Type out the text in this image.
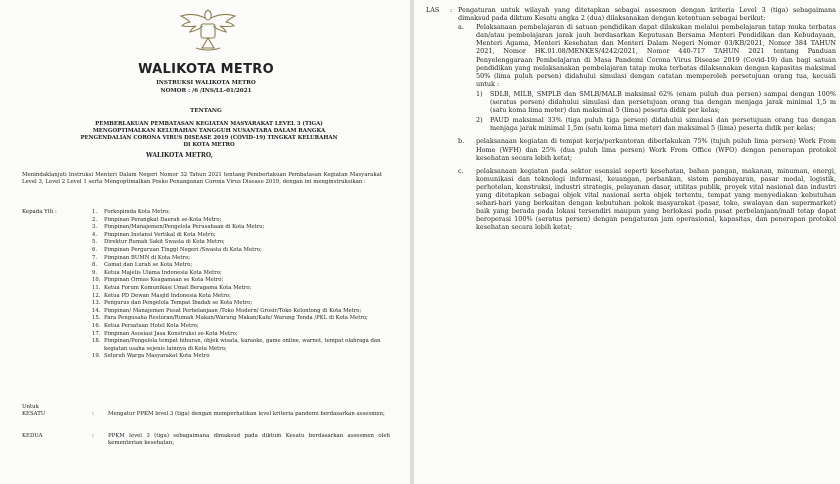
WALIKOTA METRO
INSTRUKSI WALIKOTA METRO
NOMOR : /6 /INS/LL-01/2021
TENTANG
PEMBERLAKUAN PEMBATASAN KEGIATAN MASYARAKAT LEVEL 3 (TIGA) MENGOPTIMALKAN KELURAHAN TANGGUH NUSANTARA DALAM RANGKA PENGENDALIAN CORONA VIRUS DISEASE 2019 (COVID-19) TINGKAT KELURAHAN DI KOTA METRO
WALIKOTA METRO,

Menindaklanjuti Instruksi Menteri Dalam Negeri Nomor 32 Tahun 2021 tentang Pemberlakuan Pembatasan Kegiatan Masyarakat Level 3, Level 2 Level 1 serta Mengoptimalkan Posko Penanganan Corona Virus Disease 2019, dengan ini menginstruksikan :

Kepada Yth :	1.	Forkopimda Kota Metro;
2.	Pimpinan Perangkat Daerah se-Kota Metro;
3.	Pimpinan/Manajemen/Pengelola Perusahaan di Kota Metro;
4.	Pimpinan Instansi Vertikal di Kota Metro;
5.	Direktur Rumah Sakit Swasta di Kota Metro;
6.	Pimpinan Perguruan Tinggi Negeri /Swasta di Kota Metro;
7.	Pimpinan BUMN di Kota Metro;
8.	Camat dan Lurah se Kota Metro;
9.	Ketua Majelis Ulama Indonesia Kota Metro;
10. Pimpinan Ormas Keagamaan se Kota Metro;
11. Ketua Forum Komunikasi Umat Beragama Kota Metro;
12. Ketua PD Dewan Masjid Indonesia Kota Metro;
13. Pengurus dan Pengelola Tempat Ibadah se Kota Metro;
14. Pimpinan/ Manajemen Pusat Perbelanjaan /Toko Modern/ Grosir/Toko Kelontong di Kota Metro;
15. Para Pengusaha Restoran/Rumah Makan/Warung Makan/Kafe/ Warung Tenda /PKL di Kota Metro;
16. Ketua Persatuan Hotel Kota Metro;
17. Pimpinan Asosiasi Jasa Konstruksi se-Kota Metro;
18. Pimpinan/Pengelola tempat hiburan, objek wisata, karaoke, game online, warnet, tempat olahraga dan kegiatan usaha sejenis lainnya di Kota Metro;
19. Seluruh Warga Masyarakat Kota Metro
Untuk
KESATU	:	Mengatur PPKM level 3 (tiga) dengan memperhatikan level kriteria pandemi berdasarkan assesmen;
KEDUA	:	PPKM level 3 (tiga) sebagaimana dimaksud pada diktum Kesatu berdasarkan assesmen oleh kementerian kesehatan;
LAS : Pengaturan untuk wilayah yang ditetapkan sebagai assesmen dengan kriteria Level 3 (tiga) sebagaimana dimaksud pada diktum Kesatu angka 2 (dua) dilaksanakan dengan ketentuan sebagai berikut:

a.	Pelaksanaan pembelajaran di satuan pendidikan dapat dilakukan melalui pembelajaran tatap muka terbatas dan/atau pembelajaran jarak jauh berdasarkan Keputusan Bersama Menteri Pendidikan dan Kebudayaan, Menteri Agama, Menteri Kesehatan dan Menteri Dalam Negeri Nomor 03/KB/2021, Nomor 384 TAHUN 2021, Nomor HK.01.08/MENKES/4242/2021, Nomor 440-717 TAHUN 2021 tentang Panduan Penyelenggaraan Pembelajaran di Masa Pandemi Corona Virus Disease 2019 (Covid-19) dan bagi satuan pendidikan yang melaksanakan pembelajaran tatap muka terbatas dilaksanakan dengan kapasitas maksimal 50% (lima puluh persen) didahului simulasi dengan catatan memperoleh persetujuan orang tua, kecuali untuk :
1)	SDLB, MILB, SMPLB dan SMLB/MALB maksimal 62% (enam puluh dua persen) sampai dengan 100% (seratus persen) didahului simulasi dan persetujuan orang tua dengan menjaga jarak minimal 1,5 m (satu koma lima meter) dan maksimal 5 (lima) peserta didik per kelas;
2)	PAUD maksimal 33% (tiga puluh tiga persen) didahului simulasi dan persetujuan orang tua dengan menjaga jarak minimal 1,5m (satu koma lima meter) dan maksimal 5 (lima) peserta didik per kelas;
b.	pelaksanaan kegiatan di tempat kerja/perkantoran diberlakukan 75% (tujuh puluh lima persen) Work From Home (WFH) dan 25% (dua puluh lima persen) Work From Office (WFO) dengan penerapan protokol kesehatan secara lebih ketat;
c.	pelaksanaan kegiatan pada sektor esensial seperti kesehatan, bahan pangan, makanan, minuman, energi, komunikasi dan teknologi informasi, keuangan, perbankan, sistem pembayaran, pasar modal, logistik, perhotelan, konstruksi, industri strategis, pelayanan dasar, utilitas publik, proyek vital nasional dan industri yang ditetapkan sebagai objek vital nasional serta objek tertentu, tempat yang menyediakan kebutuhan sehari-hari yang berkaitan dengan kebutuhan pokok masyarakat (pasar, toko, swalayan dan supermarket) baik yang berada pada lokasi tersendiri maupun yang berlokasi pada pusat perbelanjaan/mall tetap dapat beroperasi 100% (seratus persen) dengan pengaturan jam operasional, kapasitas, dan penerapan protokol kesehatan secara lebih ketat;
